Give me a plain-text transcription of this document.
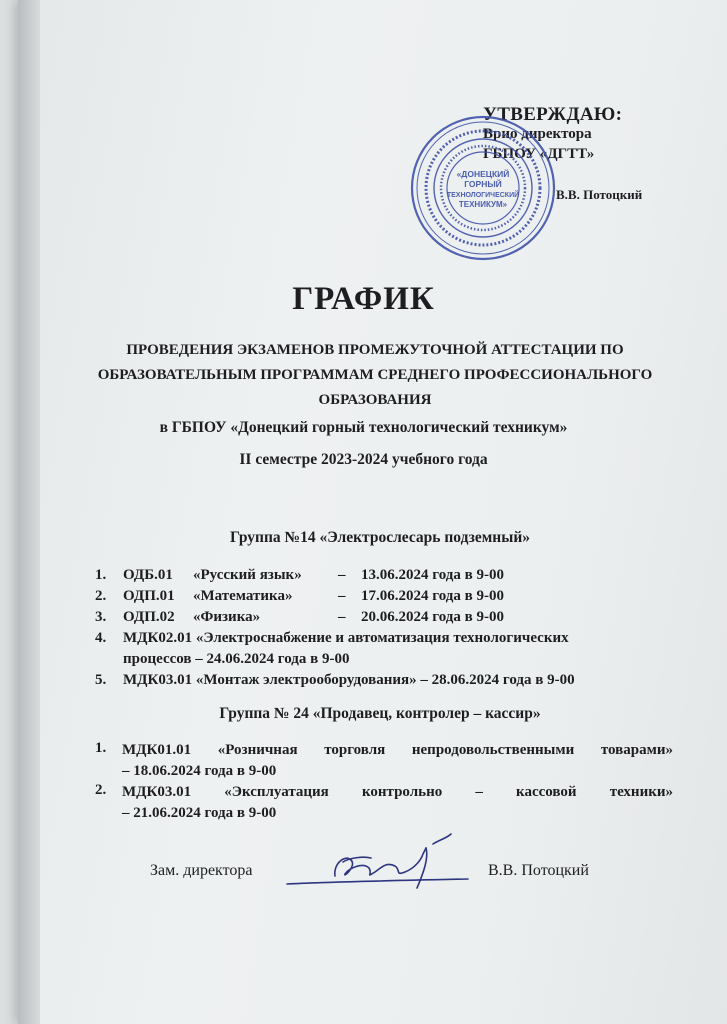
УТВЕРЖДАЮ:
Врио директора
ГБПОУ «ДГТТ»
В.В. Потоцкий
«ДОНЕЦКИЙ
ГОРНЫЙ
ТЕХНОЛОГИЧЕСКИЙ
ТЕХНИКУМ»
ГРАФИК
ПРОВЕДЕНИЯ ЭКЗАМЕНОВ ПРОМЕЖУТОЧНОЙ АТТЕСТАЦИИ ПО
ОБРАЗОВАТЕЛЬНЫМ ПРОГРАММАМ СРЕДНЕГО ПРОФЕССИОНАЛЬНОГО
ОБРАЗОВАНИЯ
в ГБПОУ «Донецкий горный технологический техникум»
II семестре 2023-2024 учебного года
Группа №14 «Электрослесарь подземный»
1.	ОДБ.01	«Русский язык»	–	13.06.2024 года в 9-00
2.	ОДП.01	«Математика»	–	17.06.2024 года в 9-00
3.	ОДП.02	«Физика»	–	20.06.2024 года в 9-00
4.	МДК02.01 «Электроснабжение и автоматизация технологических
процессов – 24.06.2024 года в 9-00
5.	МДК03.01 «Монтаж электрооборудования» – 28.06.2024 года в 9-00
Группа № 24 «Продавец, контролер – кассир»
1.	МДК01.01 «Розничная торговля непродовольственными товарами»
– 18.06.2024 года в 9-00
2.	МДК03.01 «Эксплуатация контрольно – кассовой техники»
– 21.06.2024 года в 9-00
Зам. директора	В.В. Потоцкий
